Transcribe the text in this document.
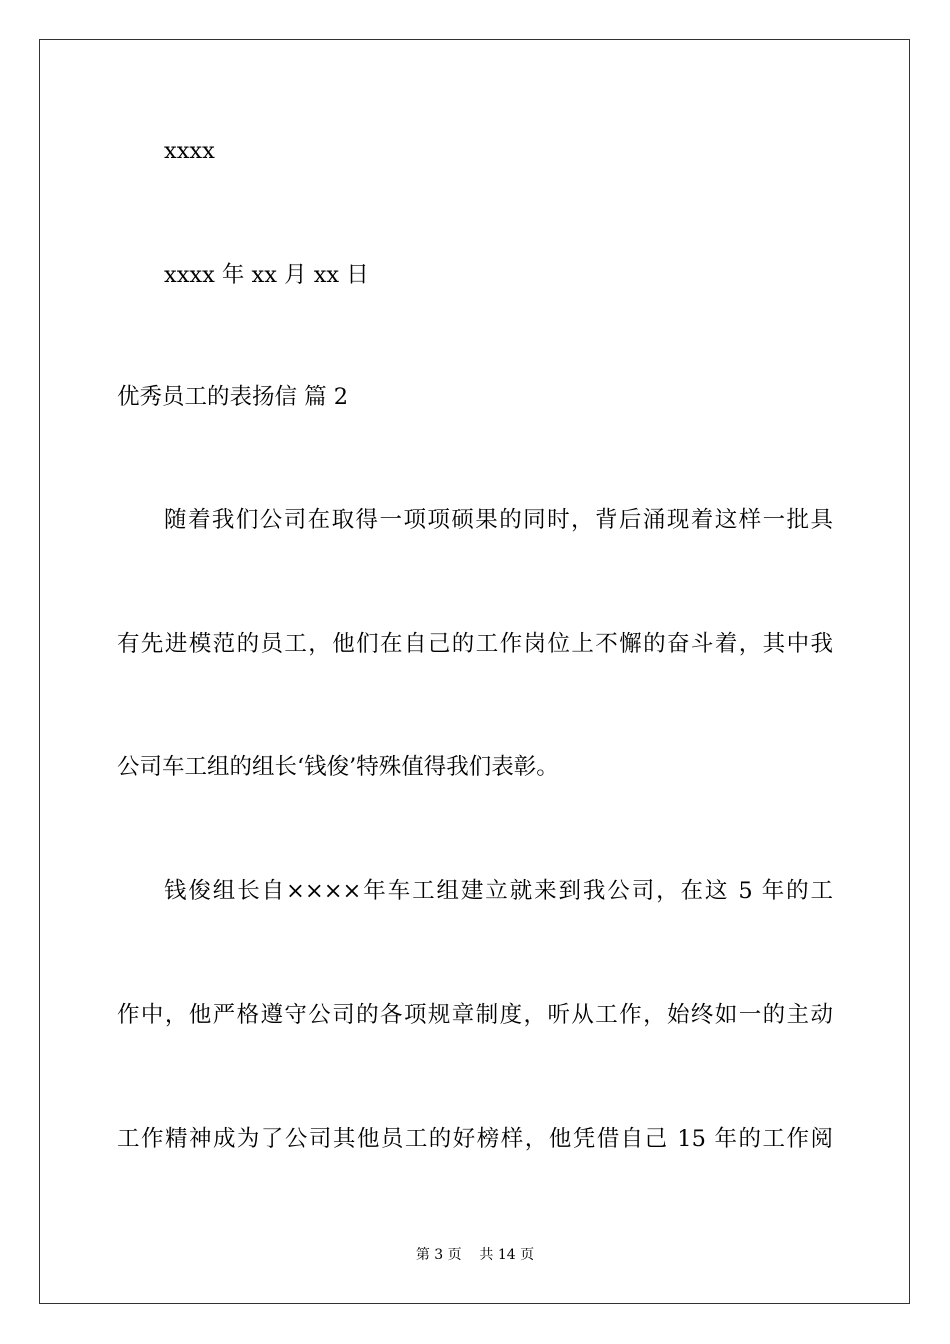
xxxx
xxxx 年 xx 月 xx 日
优秀员工的表扬信 篇 2
随着我们公司在取得一项项硕果的同时，背后涌现着这样一批具
有先进模范的员工，他们在自己的工作岗位上不懈的奋斗着，其中我
公司车工组的组长‘钱俊’特殊值得我们表彰。
钱俊组长自××××年车工组建立就来到我公司，在这 5 年的工
作中，他严格遵守公司的各项规章制度，听从工作，始终如一的主动
工作精神成为了公司其他员工的好榜样，他凭借自己 15 年的工作阅
第 3 页    共 14 页
